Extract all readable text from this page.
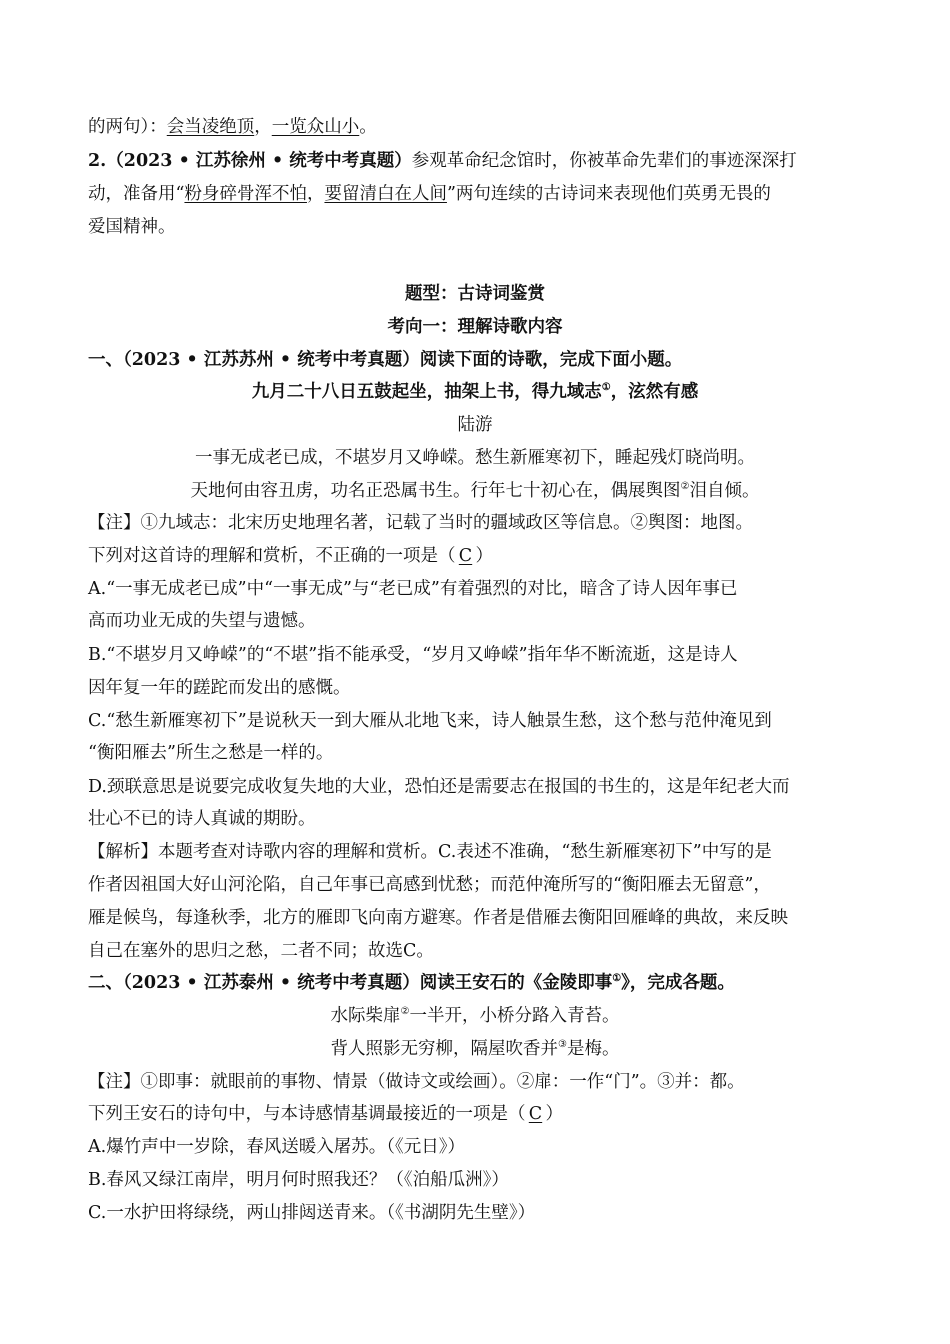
的两句）：会当凌绝顶，一览众山小。
2.（2023 • 江苏徐州 • 统考中考真题）参观革命纪念馆时，你被革命先辈们的事迹深深打
动，准备用“粉身碎骨浑不怕，要留清白在人间”两句连续的古诗词来表现他们英勇无畏的
爱国精神。
题型：古诗词鉴赏
考向一：理解诗歌内容
一、（2023 • 江苏苏州 • 统考中考真题）阅读下面的诗歌，完成下面小题。
九月二十八日五鼓起坐，抽架上书，得九域志①，泫然有感
陆游
一事无成老已成，不堪岁月又峥嵘。愁生新雁寒初下，睡起残灯晓尚明。
天地何由容丑虏，功名正恐属书生。行年七十初心在，偶展舆图②泪自倾。
【注】①九域志：北宋历史地理名著，记载了当时的疆域政区等信息。②舆图：地图。
下列对这首诗的理解和赏析，不正确的一项是（ C ）
A.“一事无成老已成”中“一事无成”与“老已成”有着强烈的对比，暗含了诗人因年事已
高而功业无成的失望与遗憾。
B.“不堪岁月又峥嵘”的“不堪”指不能承受，“岁月又峥嵘”指年华不断流逝，这是诗人
因年复一年的蹉跎而发出的感慨。
C.“愁生新雁寒初下”是说秋天一到大雁从北地飞来，诗人触景生愁，这个愁与范仲淹见到
“衡阳雁去”所生之愁是一样的。
D.颈联意思是说要完成收复失地的大业，恐怕还是需要志在报国的书生的，这是年纪老大而
壮心不已的诗人真诚的期盼。
【解析】本题考查对诗歌内容的理解和赏析。C.表述不准确，“愁生新雁寒初下”中写的是
作者因祖国大好山河沦陷，自己年事已高感到忧愁；而范仲淹所写的“衡阳雁去无留意”，
雁是候鸟，每逢秋季，北方的雁即飞向南方避寒。作者是借雁去衡阳回雁峰的典故，来反映
自己在塞外的思归之愁，二者不同；故选C。
二、（2023 • 江苏泰州 • 统考中考真题）阅读王安石的《金陵即事①》，完成各题。
水际柴扉②一半开，小桥分路入青苔。
背人照影无穷柳，隔屋吹香并③是梅。
【注】①即事：就眼前的事物、情景（做诗文或绘画）。②扉：一作“门”。③并：都。
下列王安石的诗句中，与本诗感情基调最接近的一项是（ C ）
A.爆竹声中一岁除，春风送暖入屠苏。（《元日》）
B.春风又绿江南岸，明月何时照我还？（《泊船瓜洲》）
C.一水护田将绿绕，两山排闼送青来。（《书湖阴先生壁》）
